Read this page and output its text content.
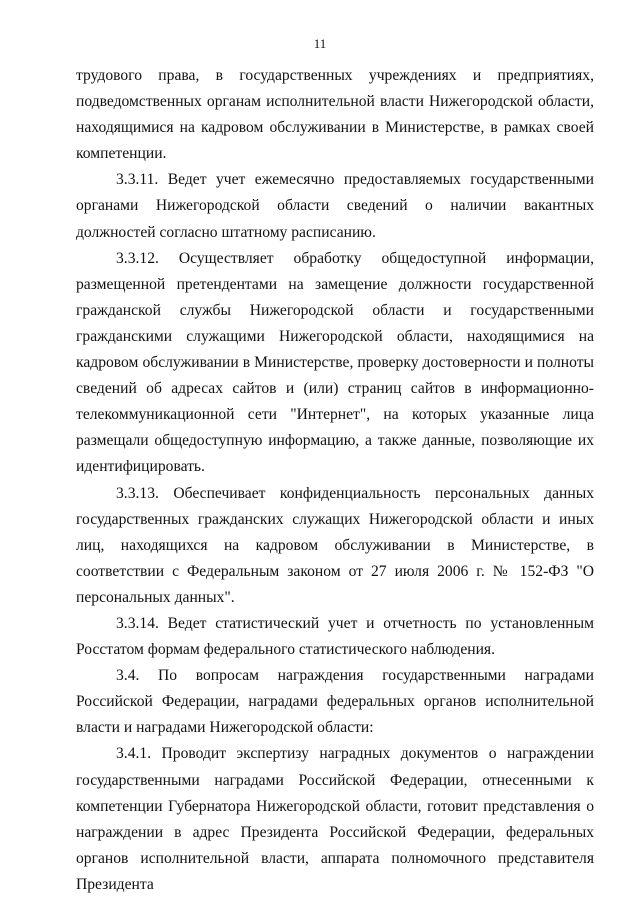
11

трудового права, в государственных учреждениях и предприятиях, подведомственных органам исполнительной власти Нижегородской области, находящимися на кадровом обслуживании в Министерстве, в рамках своей компетенции.

3.3.11. Ведет учет ежемесячно предоставляемых государственными органами Нижегородской области сведений о наличии вакантных должностей согласно штатному расписанию.

3.3.12. Осуществляет обработку общедоступной информации, размещенной претендентами на замещение должности государственной гражданской службы Нижегородской области и государственными гражданскими служащими Нижегородской области, находящимися на кадровом обслуживании в Министерстве, проверку достоверности и полноты сведений об адресах сайтов и (или) страниц сайтов в информационно-телекоммуникационной сети "Интернет", на которых указанные лица размещали общедоступную информацию, а также данные, позволяющие их идентифицировать.

3.3.13. Обеспечивает конфиденциальность персональных данных государственных гражданских служащих Нижегородской области и иных лиц, находящихся на кадровом обслуживании в Министерстве, в соответствии с Федеральным законом от 27 июля 2006 г. № 152-ФЗ "О персональных данных".

3.3.14. Ведет статистический учет и отчетность по установленным Росстатом формам федерального статистического наблюдения.

3.4. По вопросам награждения государственными наградами Российской Федерации, наградами федеральных органов исполнительной власти и наградами Нижегородской области:

3.4.1. Проводит экспертизу наградных документов о награждении государственными наградами Российской Федерации, отнесенными к компетенции Губернатора Нижегородской области, готовит представления о награждении в адрес Президента Российской Федерации, федеральных органов исполнительной власти, аппарата полномочного представителя Президента
